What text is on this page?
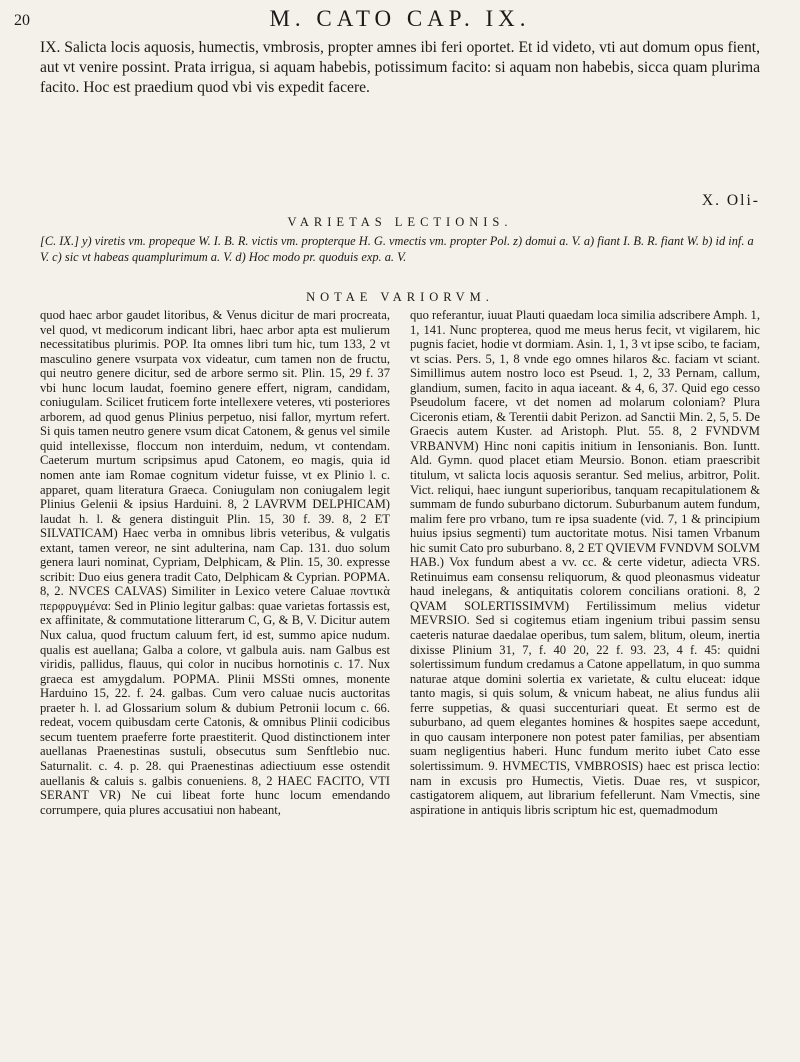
20	M. CATO CAP. IX.

IX. Salicta locis aquosis, humectis, vmbrosis, propter amnes ibi feri oportet. Et id videto, vti aut domum opus fient, aut vt venire possint. Prata irrigua, si aquam habebis, potissimum facito: si aquam non habebis, sicca quam plurima facito. Hoc est praedium quod vbi vis expedit facere.

X. Oli-
VARIETAS LECTIONIS.

[C. IX.] y) viretis vm. propeque W. I. B. R. victis vm. propterque H. G. vmectis vm. propter Pol. z) domui a. V. a) fiant I. B. R. fiant W. b) id inf. a V. c) sic vt habeas quamplurimum a. V. d) Hoc modo pr. quoduis exp. a. V.

NOTAE VARIORVM.

quod haec arbor gaudet litoribus, & Venus dicitur de mari procreata, vel quod, vt medicorum indicant libri, haec arbor apta est mulierum necessitatibus plurimis. POP. Ita omnes libri tum hic, tum 133, 2 vt masculino genere vsurpata vox videatur, cum tamen non de fructu, qui neutro genere dicitur, sed de arbore sermo sit. Plin. 15, 29 f. 37 vbi hunc locum laudat, foemino genere effert, nigram, candidam, coniugulam. Scilicet fruticem forte intellexere veteres, vti posteriores arborem, ad quod genus Plinius perpetuo, nisi fallor, myrtum refert. Si quis tamen neutro genere vsum dicat Catonem, & genus vel simile quid intellexisse, floccum non interduim, nedum, vt contendam. Caeterum murtum scripsimus apud Catonem, eo magis, quia id nomen ante iam Romae cognitum videtur fuisse, vt ex Plinio l. c. apparet, quam literatura Graeca. Coniugulam non coniugalem legit Plinius Gelenii & ipsius Harduini. 8, 2 LAVRVM DELPHICAM) laudat h. l. & genera distinguit Plin. 15, 30 f. 39. 8, 2 ET SILVATICAM) Haec verba in omnibus libris veteribus, & vulgatis extant, tamen vereor, ne sint adulterina, nam Cap. 131. duo solum genera lauri nominat, Cypriam, Delphicam, & Plin. 15, 30. expresse scribit: Duo eius genera tradit Cato, Delphicam & Cyprian. POPMA. 8, 2. NVCES CALVAS) Similiter in Lexico vetere Caluae ποντικὰ περφρυγμένα: Sed in Plinio legitur galbas: quae varietas fortassis est, ex affinitate, & commutatione litterarum C, G, & B, V. Dicitur autem Nux calua, quod fructum caluum fert, id est, summo apice nudum. qualis est auellana; Galba a colore, vt galbula auis. nam Galbus est viridis, pallidus, flauus, qui color in nucibus hornotinis c. 17. Nux graeca est amygdalum. POPMA. Plinii MSSti omnes, monente Harduino 15, 22. f. 24. galbas. Cum vero caluae nucis auctoritas praeter h. l. ad Glossarium solum & dubium Petronii locum c. 66. redeat, vocem quibusdam certe Catonis, & omnibus Plinii codicibus secum tuentem praeferre forte praestiterit. Quod distinctionem inter auellanas Praenestinas sustuli, obsecutus sum Senftlebio nuc. Saturnalit. c. 4. p. 28. qui Praenestinas adiectiuum esse ostendit auellanis & caluis s. galbis conueniens. 8, 2 HAEC FACITO, VTI SERANT VR) Ne cui libeat forte hunc locum emendando corrumpere, quia plures accusatiui non habeant,

quo referantur, iuuat Plauti quaedam loca similia adscribere Amph. 1, 1, 141. Nunc propterea, quod me meus herus fecit, vt vigilarem, hic pugnis faciet, hodie vt dormiam. Asin. 1, 1, 3 vt ipse scibo, te faciam, vt scias. Pers. 5, 1, 8 vnde ego omnes hilaros &c. faciam vt sciant. Simillimus autem nostro loco est Pseud. 1, 2, 33 Pernam, callum, glandium, sumen, facito in aqua iaceant. & 4, 6, 37. Quid ego cesso Pseudolum facere, vt det nomen ad molarum coloniam? Plura Ciceronis etiam, & Terentii dabit Perizon. ad Sanctii Min. 2, 5, 5. De Graecis autem Kuster. ad Aristoph. Plut. 55. 8, 2 FVNDVM VRBANVM) Hinc noni capitis initium in Iensonianis. Bon. Iuntt. Ald. Gymn. quod placet etiam Meursio. Bonon. etiam praescribit titulum, vt salicta locis aquosis serantur. Sed melius, arbitror, Polit. Vict. reliqui, haec iungunt superioribus, tanquam recapitulationem & summam de fundo suburbano dictorum. Suburbanum autem fundum, malim fere pro vrbano, tum re ipsa suadente (vid. 7, 1 & principium huius ipsius segmenti) tum auctoritate motus. Nisi tamen Vrbanum hic sumit Cato pro suburbano. 8, 2 ET QVIEVM FVNDVM SOLVM HAB.) Vox fundum abest a vv. cc. & certe videtur, adiecta VRS. Retinuimus eam consensu reliquorum, & quod pleonasmus videatur haud inelegans, & antiquitatis colorem concilians orationi. 8, 2 QVAM SOLERTISSIMVM) Fertilissimum melius videtur MEVRSIO. Sed si cogitemus etiam ingenium tribui passim sensu caeteris naturae daedalae operibus, tum salem, blitum, oleum, inertia dixisse Plinium 31, 7, f. 40 20, 22 f. 93. 23, 4 f. 45: quidni solertissimum fundum credamus a Catone appellatum, in quo summa naturae atque domini solertia ex varietate, & cultu eluceat: idque tanto magis, si quis solum, & vnicum habeat, ne alius fundus alii ferre suppetias, & quasi succenturiari queat. Et sermo est de suburbano, ad quem elegantes homines & hospites saepe accedunt, in quo causam interponere non potest pater familias, per absentiam suam negligentius haberi. Hunc fundum merito iubet Cato esse solertissimum. 9. HVMECTIS, VMBROSIS) haec est prisca lectio: nam in excusis pro Humectis, Vietis. Duae res, vt suspicor, castigatorem aliquem, aut librarium fefellerunt. Nam Vmectis, sine aspiratione in antiquis libris scriptum hic est, quemadmodum
